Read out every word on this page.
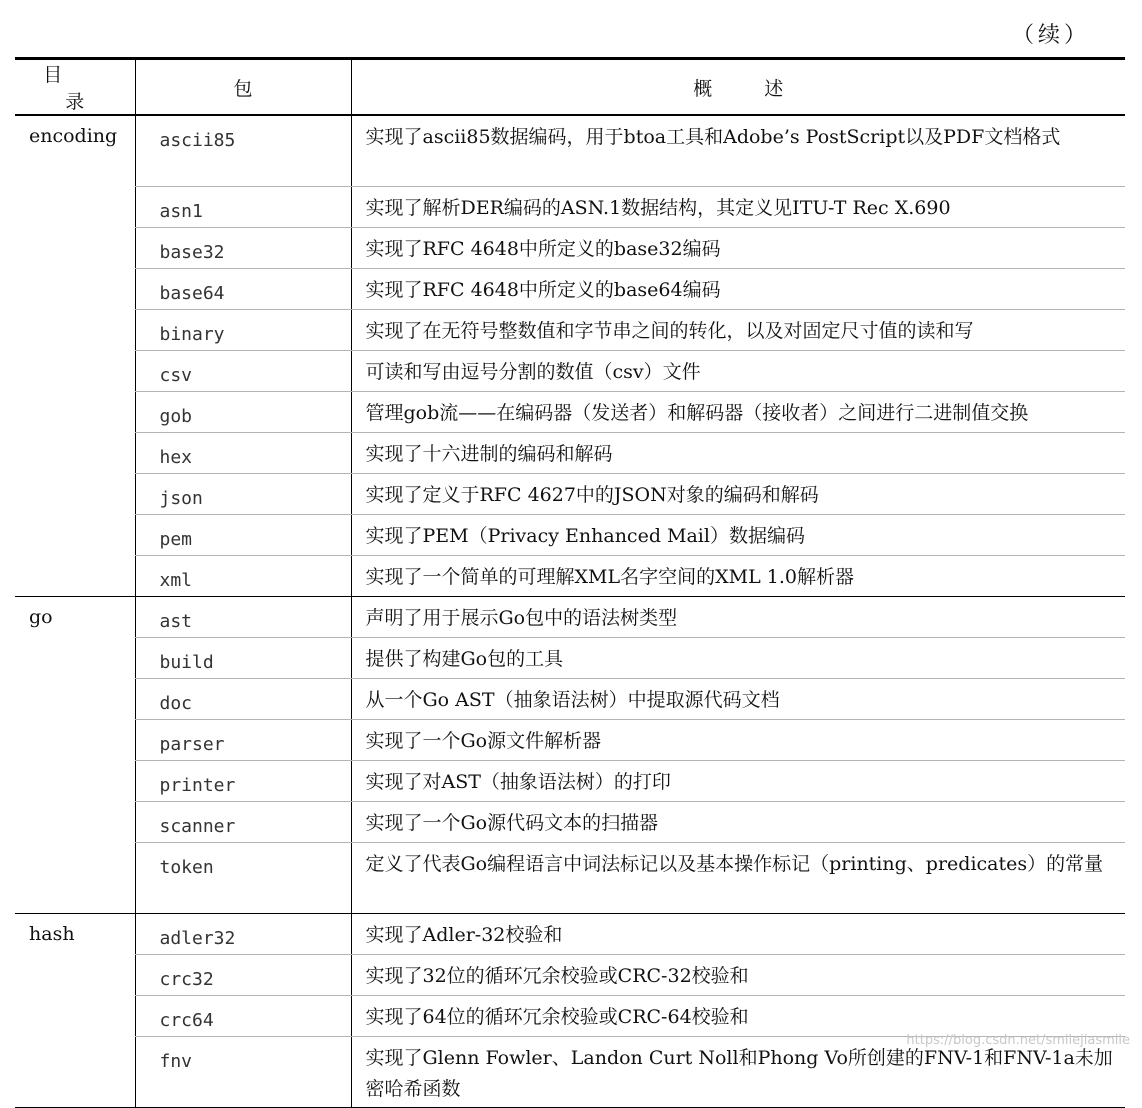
（续）
目录	包	概述
encoding	ascii85	实现了ascii85数据编码，用于btoa工具和Adobe’s PostScript以及PDF文档格式
	asn1	实现了解析DER编码的ASN.1数据结构，其定义见ITU-T Rec X.690
	base32	实现了RFC 4648中所定义的base32编码
	base64	实现了RFC 4648中所定义的base64编码
	binary	实现了在无符号整数值和字节串之间的转化，以及对固定尺寸值的读和写
	csv	可读和写由逗号分割的数值（csv）文件
	gob	管理gob流——在编码器（发送者）和解码器（接收者）之间进行二进制值交换
	hex	实现了十六进制的编码和解码
	json	实现了定义于RFC 4627中的JSON对象的编码和解码
	pem	实现了PEM（Privacy Enhanced Mail）数据编码
	xml	实现了一个简单的可理解XML名字空间的XML 1.0解析器
go	ast	声明了用于展示Go包中的语法树类型
	build	提供了构建Go包的工具
	doc	从一个Go AST（抽象语法树）中提取源代码文档
	parser	实现了一个Go源文件解析器
	printer	实现了对AST（抽象语法树）的打印
	scanner	实现了一个Go源代码文本的扫描器
	token	定义了代表Go编程语言中词法标记以及基本操作标记（printing、predicates）的常量
hash	adler32	实现了Adler-32校验和
	crc32	实现了32位的循环冗余校验或CRC-32校验和
	crc64	实现了64位的循环冗余校验或CRC-64校验和
	fnv	实现了Glenn Fowler、Landon Curt Noll和Phong Vo所创建的FNV-1和FNV-1a未加密哈希函数
https://blog.csdn.net/smilejiasmile
